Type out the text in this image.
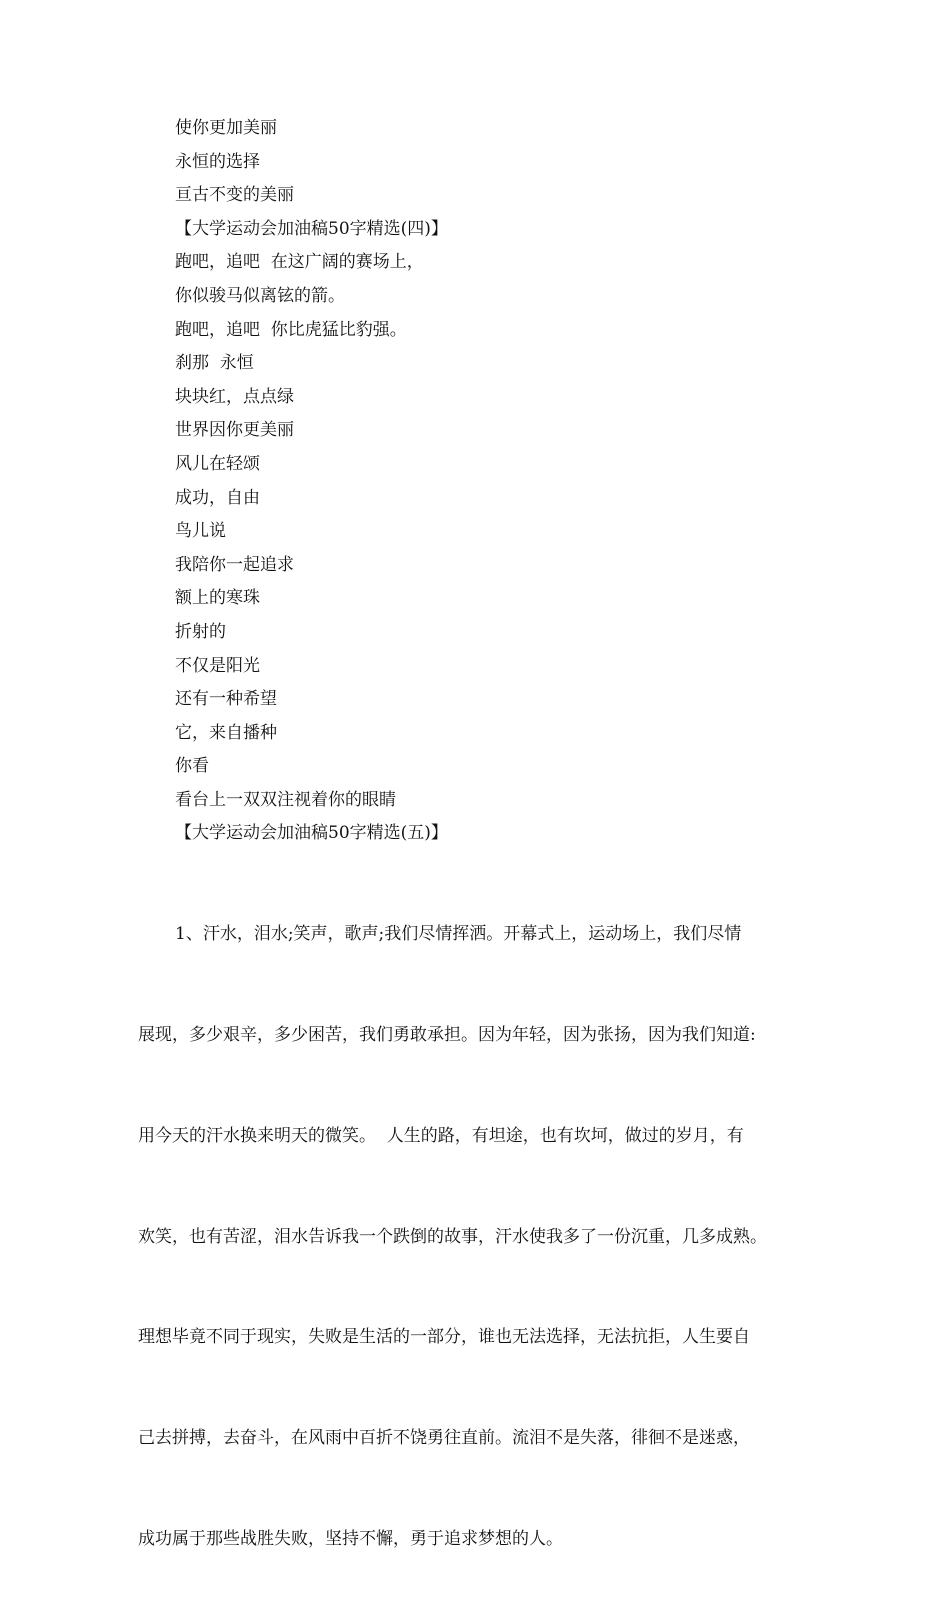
使你更加美丽
永恒的选择
亘古不变的美丽
【大学运动会加油稿50字精选(四)】
跑吧，追吧  在这广阔的赛场上，
你似骏马似离铉的箭。
跑吧，追吧  你比虎猛比豹强。
刹那  永恒
块块红，点点绿
世界因你更美丽
风儿在轻颂
成功，自由
鸟儿说
我陪你一起追求
额上的寒珠
折射的
不仅是阳光
还有一种希望
它，来自播种
你看
看台上一双双注视着你的眼睛
【大学运动会加油稿50字精选(五)】

1、汗水，泪水;笑声，歌声;我们尽情挥洒。开幕式上，运动场上，我们尽情

展现，多少艰辛，多少困苦，我们勇敢承担。因为年轻，因为张扬，因为我们知道:

用今天的汗水换来明天的微笑。  人生的路，有坦途，也有坎坷，做过的岁月，有

欢笑，也有苦涩，泪水告诉我一个跌倒的故事，汗水使我多了一份沉重，几多成熟。

理想毕竟不同于现实，失败是生活的一部分，谁也无法选择，无法抗拒，人生要自

己去拼搏，去奋斗，在风雨中百折不饶勇往直前。流泪不是失落，徘徊不是迷惑，

成功属于那些战胜失败，坚持不懈，勇于追求梦想的人。
